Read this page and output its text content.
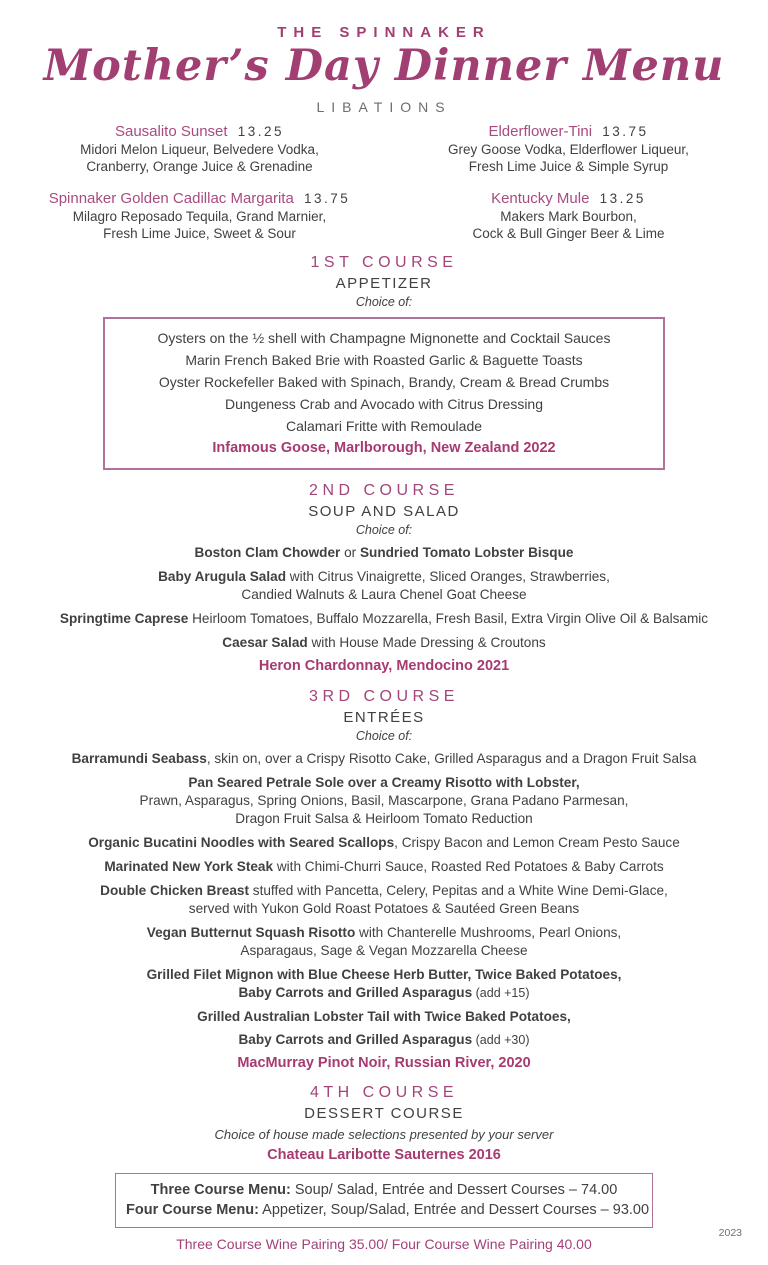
THE SPINNAKER
Mother’s Day Dinner Menu
LIBATIONS
Sausalito Sunset 13.25
Midori Melon Liqueur, Belvedere Vodka,
Cranberry, Orange Juice & Grenadine
Elderflower-Tini 13.75
Grey Goose Vodka, Elderflower Liqueur,
Fresh Lime Juice & Simple Syrup
Spinnaker Golden Cadillac Margarita 13.75
Milagro Reposado Tequila, Grand Marnier,
Fresh Lime Juice, Sweet & Sour
Kentucky Mule 13.25
Makers Mark Bourbon,
Cock & Bull Ginger Beer & Lime
1ST COURSE
APPETIZER
Choice of:
Oysters on the ½ shell with Champagne Mignonette and Cocktail Sauces
Marin French Baked Brie with Roasted Garlic & Baguette Toasts
Oyster Rockefeller Baked with Spinach, Brandy, Cream & Bread Crumbs
Dungeness Crab and Avocado with Citrus Dressing
Calamari Fritte with Remoulade
Infamous Goose, Marlborough, New Zealand 2022
2ND COURSE
SOUP AND SALAD
Choice of:
Boston Clam Chowder or Sundried Tomato Lobster Bisque
Baby Arugula Salad with Citrus Vinaigrette, Sliced Oranges, Strawberries,
Candied Walnuts & Laura Chenel Goat Cheese
Springtime Caprese Heirloom Tomatoes, Buffalo Mozzarella, Fresh Basil, Extra Virgin Olive Oil & Balsamic
Caesar Salad with House Made Dressing & Croutons
Heron Chardonnay, Mendocino 2021
3RD COURSE
ENTRÉES
Choice of:
Barramundi Seabass, skin on, over a Crispy Risotto Cake, Grilled Asparagus and a Dragon Fruit Salsa
Pan Seared Petrale Sole over a Creamy Risotto with Lobster,
Prawn, Asparagus, Spring Onions, Basil, Mascarpone, Grana Padano Parmesan,
Dragon Fruit Salsa & Heirloom Tomato Reduction
Organic Bucatini Noodles with Seared Scallops, Crispy Bacon and Lemon Cream Pesto Sauce
Marinated New York Steak with Chimi-Churri Sauce, Roasted Red Potatoes & Baby Carrots
Double Chicken Breast stuffed with Pancetta, Celery, Pepitas and a White Wine Demi-Glace,
served with Yukon Gold Roast Potatoes & Sautéed Green Beans
Vegan Butternut Squash Risotto with Chanterelle Mushrooms, Pearl Onions,
Asparagaus, Sage & Vegan Mozzarella Cheese
Grilled Filet Mignon with Blue Cheese Herb Butter, Twice Baked Potatoes,
Baby Carrots and Grilled Asparagus (add +15)
Grilled Australian Lobster Tail with Twice Baked Potatoes,
Baby Carrots and Grilled Asparagus (add +30)
MacMurray Pinot Noir, Russian River, 2020
4TH COURSE
DESSERT COURSE
Choice of house made selections presented by your server
Chateau Laribotte Sauternes 2016
Three Course Menu: Soup/ Salad, Entrée and Dessert Courses – 74.00
Four Course Menu: Appetizer, Soup/Salad, Entrée and Dessert Courses – 93.00
Three Course Wine Pairing 35.00/ Four Course Wine Pairing 40.00
2023
